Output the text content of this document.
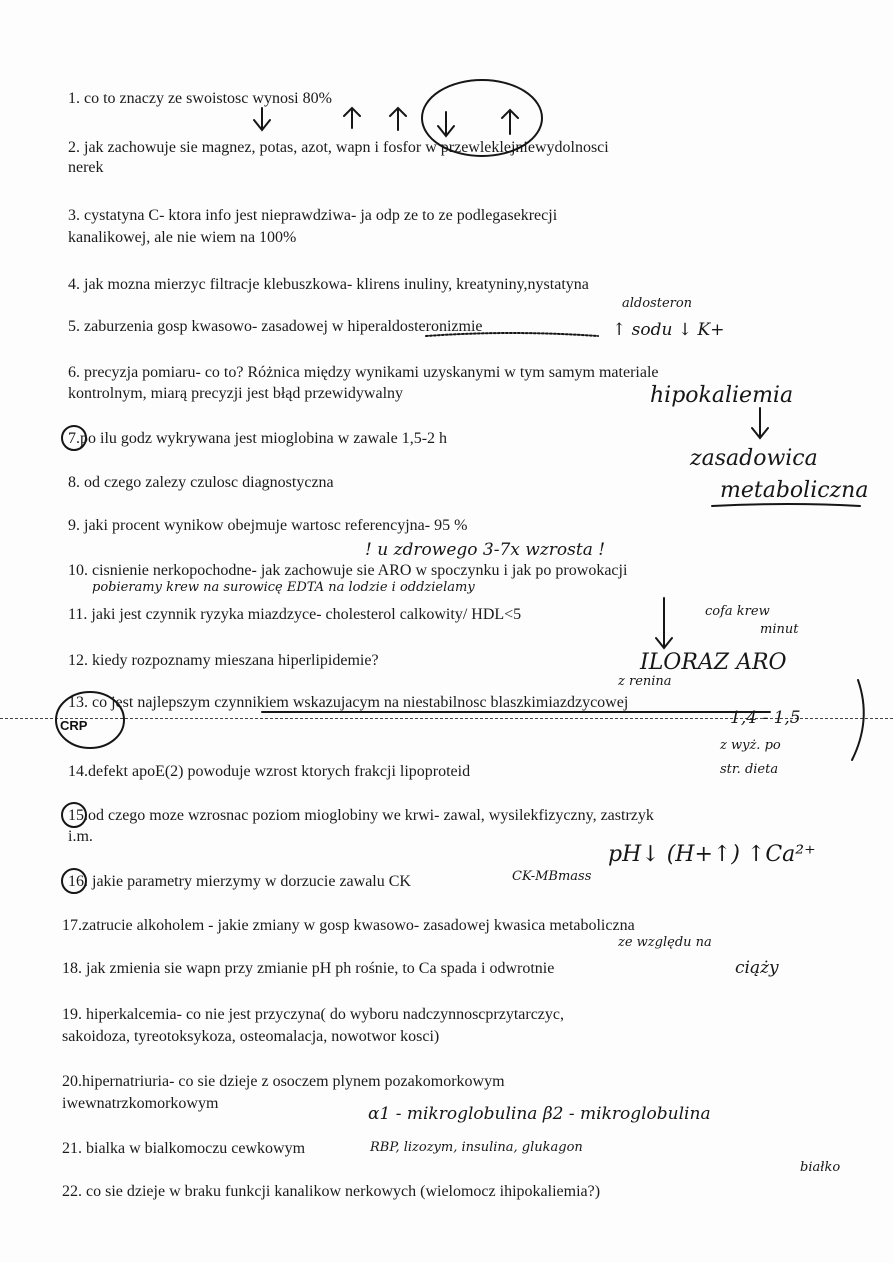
1. co to znaczy ze swoistosc wynosi 80%
2. jak zachowuje sie magnez, potas, azot, wapn i fosfor w przewleklejniewydolnosci
nerek
3. cystatyna C- ktora info jest nieprawdziwa- ja odp ze to ze podlegasekrecji
kanalikowej, ale nie wiem na 100%
4. jak mozna mierzyc filtracje klebuszkowa- klirens inuliny, kreatyniny,nystatyna
5. zaburzenia gosp kwasowo- zasadowej w hiperaldosteronizmie
6. precyzja pomiaru- co to? Różnica między wynikami uzyskanymi w tym samym materiale
kontrolnym, miarą precyzji jest błąd przewidywalny
7.po ilu godz wykrywana jest mioglobina w zawale 1,5-2 h
8. od czego zalezy czulosc diagnostyczna
9. jaki procent wynikow obejmuje wartosc referencyjna- 95 %
10. cisnienie nerkopochodne- jak zachowuje sie ARO w spoczynku i jak po prowokacji
11. jaki jest czynnik ryzyka miazdzyce- cholesterol calkowity/ HDL<5
12. kiedy rozpoznamy mieszana hiperlipidemie?
13. co jest najlepszym czynnikiem wskazujacym na niestabilnosc blaszkimiazdzycowej
14.defekt apoE(2) powoduje wzrost ktorych frakcji lipoproteid
15.od czego moze wzrosnac poziom mioglobiny we krwi- zawal, wysilekfizyczny, zastrzyk
i.m.
16. jakie parametry mierzymy w dorzucie zawalu CK
17.zatrucie alkoholem - jakie zmiany w gosp kwasowo- zasadowej kwasica metaboliczna
18. jak zmienia sie wapn przy zmianie pH ph rośnie, to Ca spada i odwrotnie
19. hiperkalcemia- co nie jest przyczyna( do wyboru nadczynnoscprzytarczyc,
sakoidoza, tyreotoksykoza, osteomalacja, nowotwor kosci)
20.hipernatriuria- co sie dzieje z osoczem plynem pozakomorkowym
iwewnatrzkomorkowym
21. bialka w bialkomoczu cewkowym
22. co sie dzieje w braku funkcji kanalikow nerkowych (wielomocz ihipokaliemia?)
CRP
aldosteron
↑ sodu ↓ K+
hipokaliemia
zasadowica
metaboliczna
! u zdrowego 3-7x wzrosta !
pobieramy krew na surowicę EDTA na lodzie i oddzielamy
cofa krew
minut
ILORAZ ARO
z renina
1,4 - 1,5
z wyż. po
str. dieta
CK-MBmass
pH↓ (H+↑) ↑Ca²⁺
ze względu na
ciąży
α1 - mikroglobulina β2 - mikroglobulina
RBP, lizozym, insulina, glukagon
białko
